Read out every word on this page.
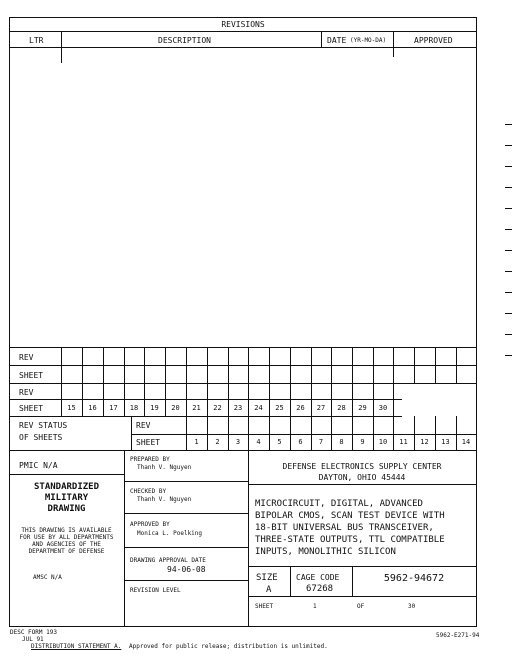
REVISIONS
LTR	DESCRIPTION	DATE (YR-MO-DA)	APPROVED
REV
SHEET
REV
SHEET	15	16	17	18	19	20	21	22	23	24	25	26	27	28	29	30
REV STATUS
OF SHEETS
REV
SHEET	1	2	3	4	5	6	7	8	9	10	11	12	13	14
PMIC N/A
STANDARDIZED
MILITARY
DRAWING
THIS DRAWING IS AVAILABLE
FOR USE BY ALL DEPARTMENTS
AND AGENCIES OF THE
DEPARTMENT OF DEFENSE
AMSC N/A
PREPARED BY
Thanh V. Nguyen
CHECKED BY
Thanh V. Nguyen
APPROVED BY
Monica L. Poelking
DRAWING APPROVAL DATE
94-06-08
REVISION LEVEL
DEFENSE ELECTRONICS SUPPLY CENTER
DAYTON, OHIO 45444
MICROCIRCUIT, DIGITAL, ADVANCED
BIPOLAR CMOS, SCAN TEST DEVICE WITH
18-BIT UNIVERSAL BUS TRANSCEIVER,
THREE-STATE OUTPUTS, TTL COMPATIBLE
INPUTS, MONOLITHIC SILICON
SIZE
A
CAGE CODE
67268
5962-94672
SHEET	1	OF	30
DESC FORM 193
JUL 91
DISTRIBUTION STATEMENT A. Approved for public release; distribution is unlimited.
5962-E271-94
